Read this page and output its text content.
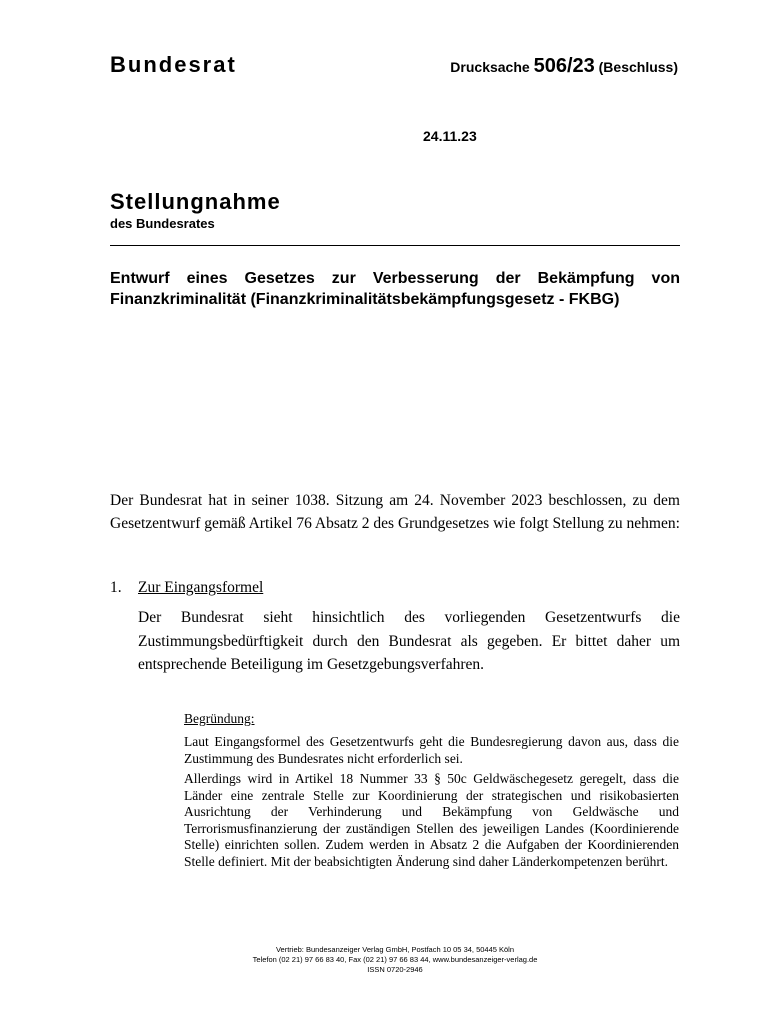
Bundesrat	Drucksache 506/23 (Beschluss)
24.11.23
Stellungnahme
des Bundesrates
Entwurf eines Gesetzes zur Verbesserung der Bekämpfung von Finanzkriminalität (Finanzkriminalitätsbekämpfungsgesetz - FKBG)
Der Bundesrat hat in seiner 1038. Sitzung am 24. November 2023 beschlossen, zu dem Gesetzentwurf gemäß Artikel 76 Absatz 2 des Grundgesetzes wie folgt Stellung zu nehmen:
1. Zur Eingangsformel
Der Bundesrat sieht hinsichtlich des vorliegenden Gesetzentwurfs die Zustimmungsbedürftigkeit durch den Bundesrat als gegeben. Er bittet daher um entsprechende Beteiligung im Gesetzgebungsverfahren.
Begründung:
Laut Eingangsformel des Gesetzentwurfs geht die Bundesregierung davon aus, dass die Zustimmung des Bundesrates nicht erforderlich sei.
Allerdings wird in Artikel 18 Nummer 33 § 50c Geldwäschegesetz geregelt, dass die Länder eine zentrale Stelle zur Koordinierung der strategischen und risikobasierten Ausrichtung der Verhinderung und Bekämpfung von Geldwäsche und Terrorismusfinanzierung der zuständigen Stellen des jeweiligen Landes (Koordinierende Stelle) einrichten sollen. Zudem werden in Absatz 2 die Aufgaben der Koordinierenden Stelle definiert. Mit der beabsichtigten Änderung sind daher Länderkompetenzen berührt.
Vertrieb: Bundesanzeiger Verlag GmbH, Postfach 10 05 34, 50445 Köln
Telefon (02 21) 97 66 83 40, Fax (02 21) 97 66 83 44, www.bundesanzeiger-verlag.de
ISSN 0720-2946
